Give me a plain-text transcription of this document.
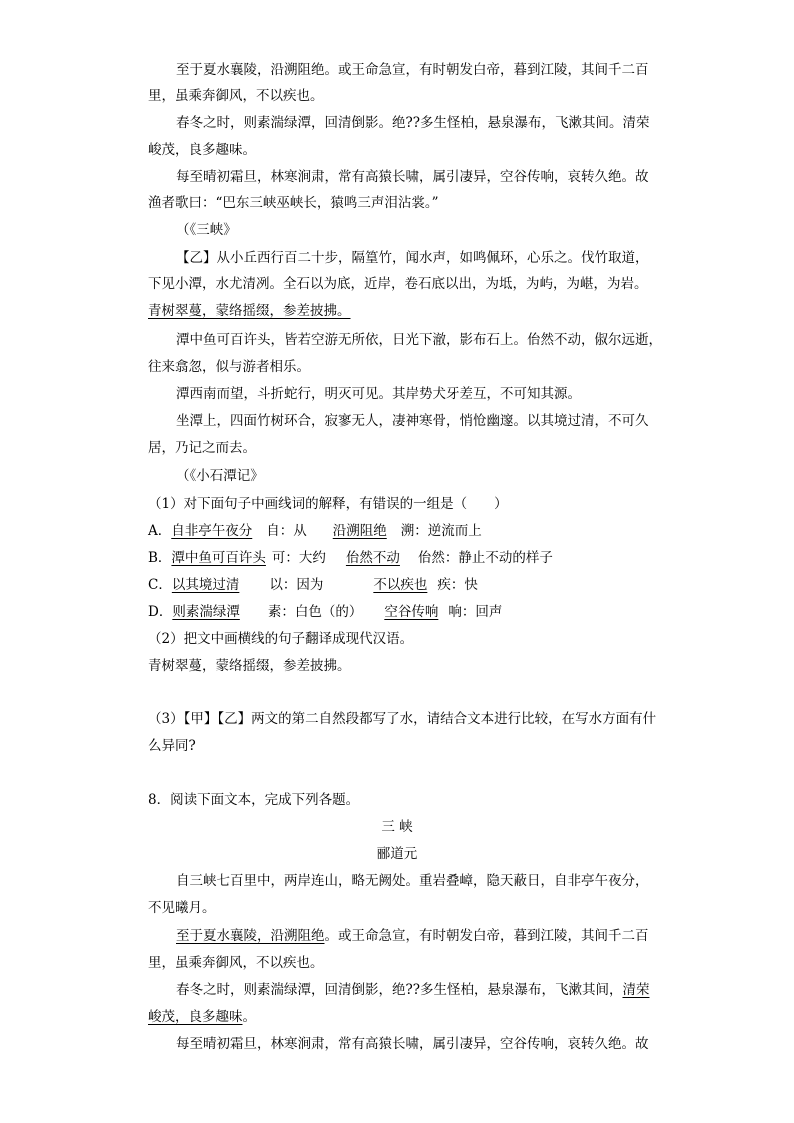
至于夏水襄陵，沿溯阻绝。或王命急宣，有时朝发白帝，暮到江陵，其间千二百
里，虽乘奔御风，不以疾也。
春冬之时，则素湍绿潭，回清倒影。绝??多生怪柏，悬泉瀑布，飞漱其间。清荣
峻茂，良多趣味。
每至晴初霜旦，林寒涧肃，常有高猿长啸，属引凄异，空谷传响，哀转久绝。故
渔者歌曰：“巴东三峡巫峡长，猿鸣三声泪沾裳。”
（《三峡》
【乙】从小丘西行百二十步，隔篁竹，闻水声，如鸣佩环，心乐之。伐竹取道，
下见小潭，水尤清冽。全石以为底，近岸，卷石底以出，为坻，为屿，为嵁，为岩。
青树翠蔓，蒙络摇缀，参差披拂。
潭中鱼可百许头，皆若空游无所依，日光下澈，影布石上。佁然不动，俶尔远逝，
往来翕忽，似与游者相乐。
潭西南而望，斗折蛇行，明灭可见。其岸势犬牙差互，不可知其源。
坐潭上，四面竹树环合，寂寥无人，凄神寒骨，悄怆幽邃。以其境过清，不可久
居，乃记之而去。
（《小石潭记》
（1）对下面句子中画线词的解释，有错误的一组是（　　）
A．自非亭午夜分 自：从 沿溯阻绝 溯：逆流而上
B．潭中鱼可百许头 可：大约 佁然不动 佁然：静止不动的样子
C．以其境过清 以：因为	不以疾也 疾：快
D．则素湍绿潭 素：白色（的） 空谷传响 响：回声
（2）把文中画横线的句子翻译成现代汉语。
青树翠蔓，蒙络摇缀，参差披拂。
（3）【甲】【乙】两文的第二自然段都写了水，请结合文本进行比较，在写水方面有什
么异同?
8．阅读下面文本，完成下列各题。
三 峡
郦道元
自三峡七百里中，两岸连山，略无阙处。重岩叠嶂，隐天蔽日，自非亭午夜分，
不见曦月。
至于夏水襄陵，沿溯阻绝。或王命急宣，有时朝发白帝，暮到江陵，其间千二百
里，虽乘奔御风，不以疾也。
春冬之时，则素湍绿潭，回清倒影，绝??多生怪柏，悬泉瀑布，飞漱其间，清荣
峻茂，良多趣味。
每至晴初霜旦，林寒涧肃，常有高猿长啸，属引凄异，空谷传响，哀转久绝。故
